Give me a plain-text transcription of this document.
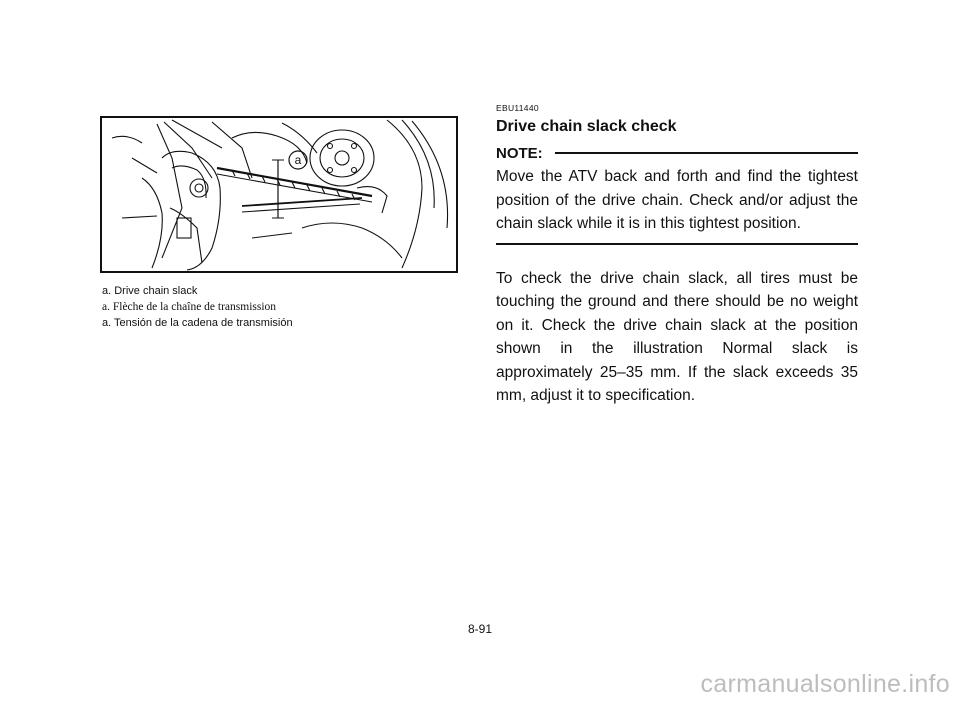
a
a. Drive chain slack
a. Flèche de la chaîne de transmission
a. Tensión de la cadena de transmisión
EBU11440
Drive chain slack check
NOTE:

Move the ATV back and forth and find the tightest position of the drive chain. Check and/or adjust the chain slack while it is in this tightest position.

To check the drive chain slack, all tires must be touching the ground and there should be no weight on it. Check the drive chain slack at the position shown in the illustration Normal slack is approximately 25–35 mm. If the slack exceeds 35 mm, adjust it to specification.

8-91
carmanualsonline.info
